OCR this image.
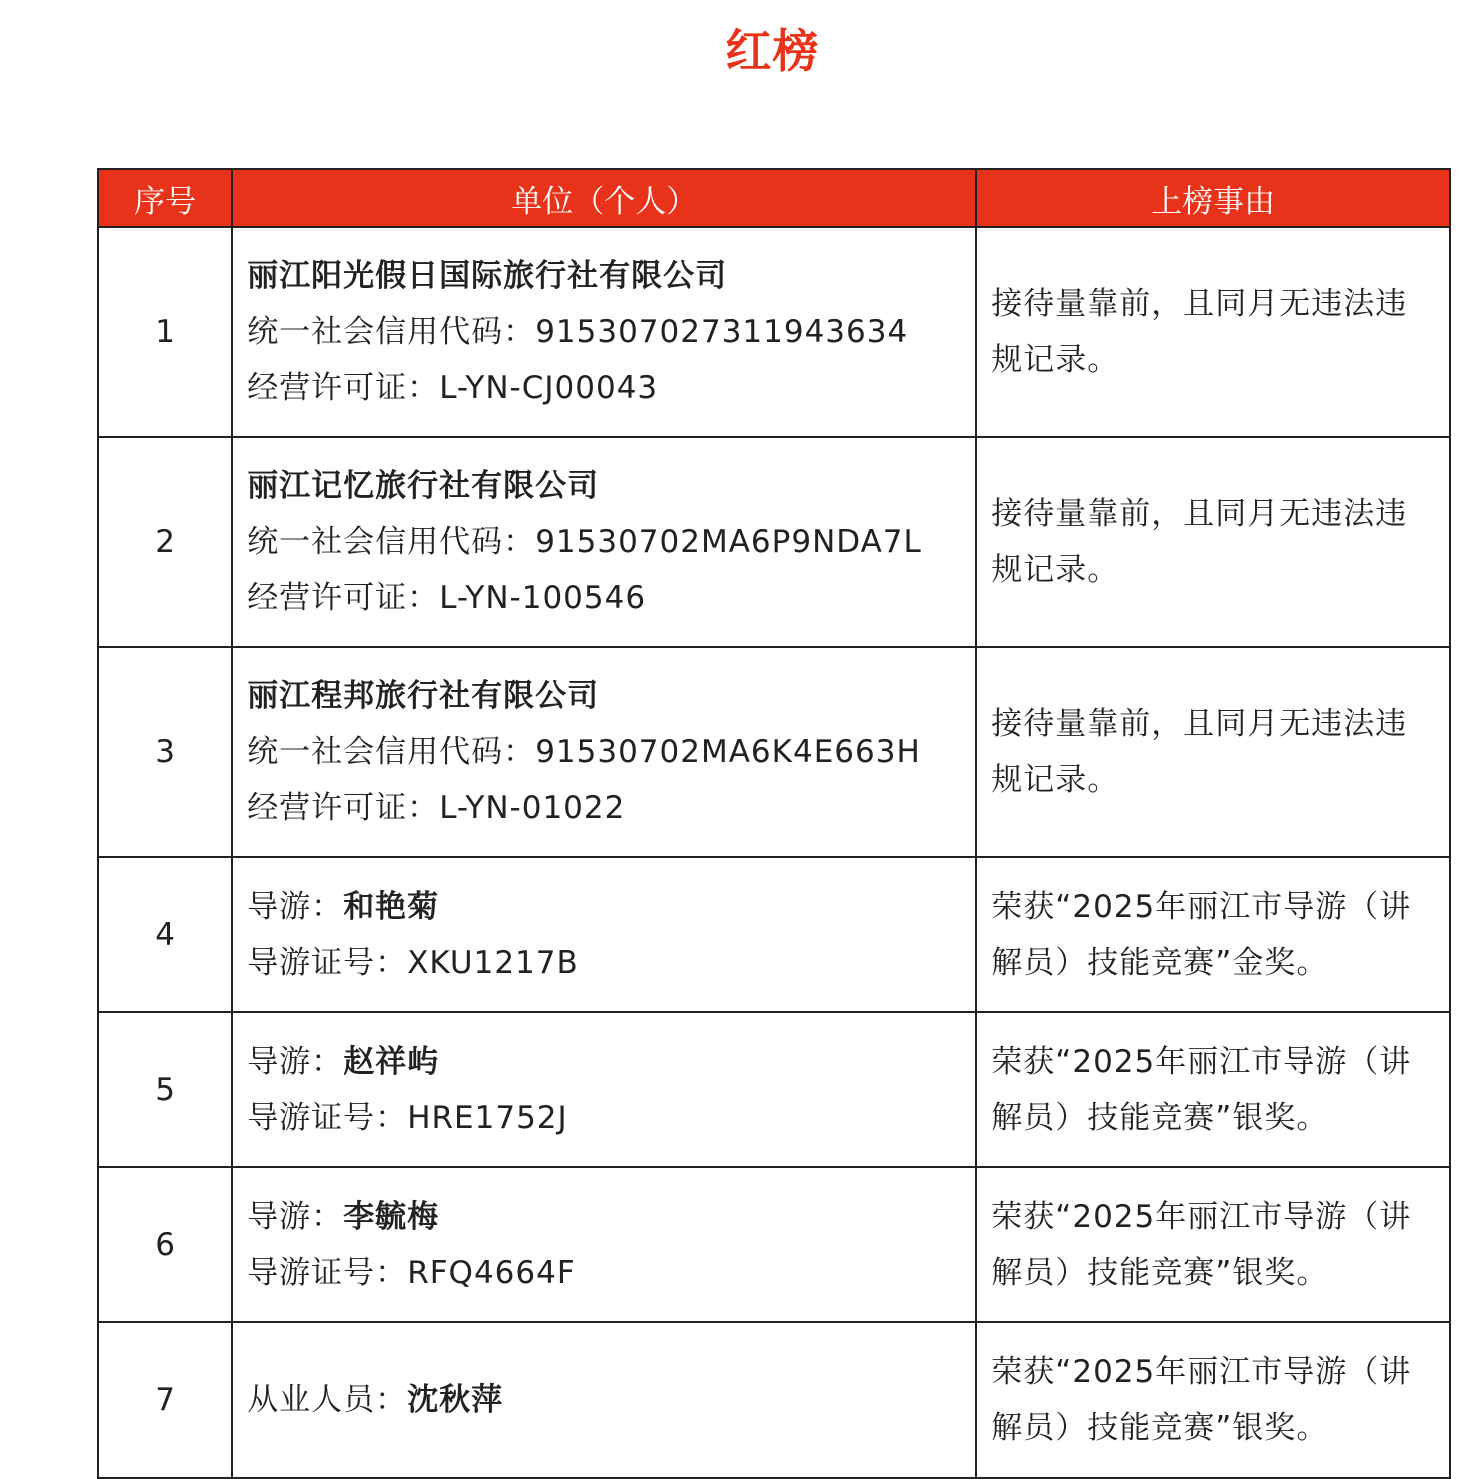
红榜
序号	单位（个人）	上榜事由
1	丽江阳光假日国际旅行社有限公司
统一社会信用代码：91530702731194363​4
经营许可证：L-YN-CJ00043	接待量靠前，且同月无违法违规记录。
2	丽江记忆旅行社有限公司
统一社会信用代码：91530702MA6P9NDA7L
经营许可证：L-YN-100546	接待量靠前，且同月无违法违规记录。
3	丽江程邦旅行社有限公司
统一社会信用代码：91530702MA6K4E663H
经营许可证：L-YN-01022	接待量靠前，且同月无违法违规记录。
4	导游：和艳菊
导游证号：XKU1217B	荣获“2025年丽江市导游（讲解员）技能竞赛”金奖。
5	导游：赵祥屿
导游证号：HRE1752J	荣获“2025年丽江市导游（讲解员）技能竞赛”银奖。
6	导游：李毓梅
导游证号：RFQ4664F	荣获“2025年丽江市导游（讲解员）技能竞赛”银奖。
7	从业人员：沈秋萍	荣获“2025年丽江市导游（讲解员）技能竞赛”银奖。
